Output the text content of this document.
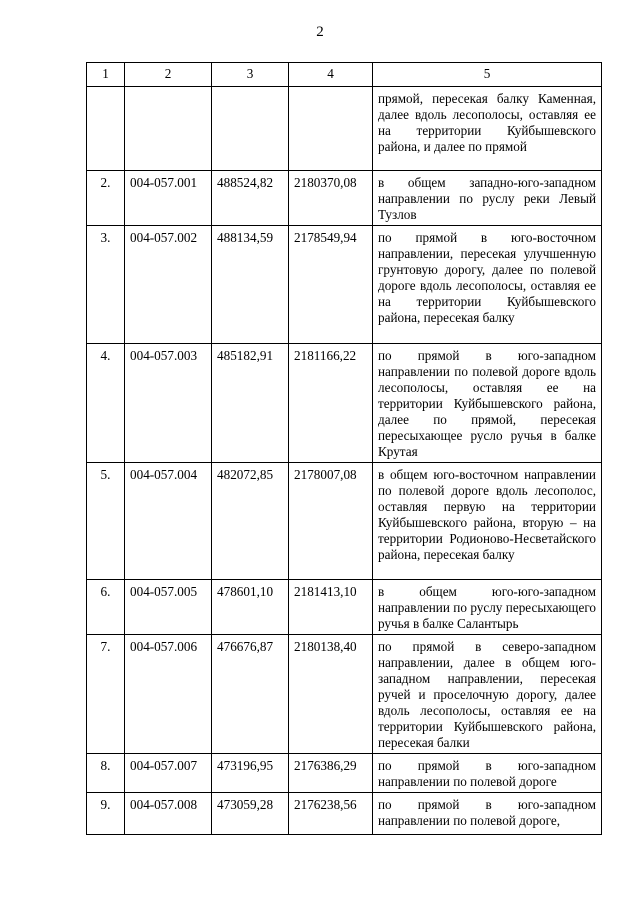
2
1	2	3	4	5
				прямой, пересекая балку Каменная, далее вдоль лесополосы, оставляя ее на территории Куйбышевского района, и далее по прямой
2.	004-057.001	488524,82	2180370,08	в общем западно-юго-западном направлении по руслу реки Левый Тузлов
3.	004-057.002	488134,59	2178549,94	по прямой в юго-восточном направлении, пересекая улучшенную грунтовую дорогу, далее по полевой дороге вдоль лесополосы, оставляя ее на территории Куйбышевского района, пересекая балку
4.	004-057.003	485182,91	2181166,22	по прямой в юго-западном направлении по полевой дороге вдоль лесополосы, оставляя ее на территории Куйбышевского района, далее по прямой, пересекая пересыхающее русло ручья в балке Крутая
5.	004-057.004	482072,85	2178007,08	в общем юго-восточном направлении по полевой дороге вдоль лесополос, оставляя первую на территории Куйбышевского района, вторую – на территории Родионово-Несветайского района, пересекая балку
6.	004-057.005	478601,10	2181413,10	в общем юго-юго-западном направлении по руслу пересыхающего ручья в балке Салантырь
7.	004-057.006	476676,87	2180138,40	по прямой в северо-западном направлении, далее в общем югозападном направлении, пересекая ручей и проселочную дорогу, далее вдоль лесополосы, оставляя ее на территории Куйбышевского района, пересекая балки
8.	004-057.007	473196,95	2176386,29	по прямой в юго-западном направлении по полевой дороге
9.	004-057.008	473059,28	2176238,56	по прямой в юго-западном направлении по полевой дороге,
